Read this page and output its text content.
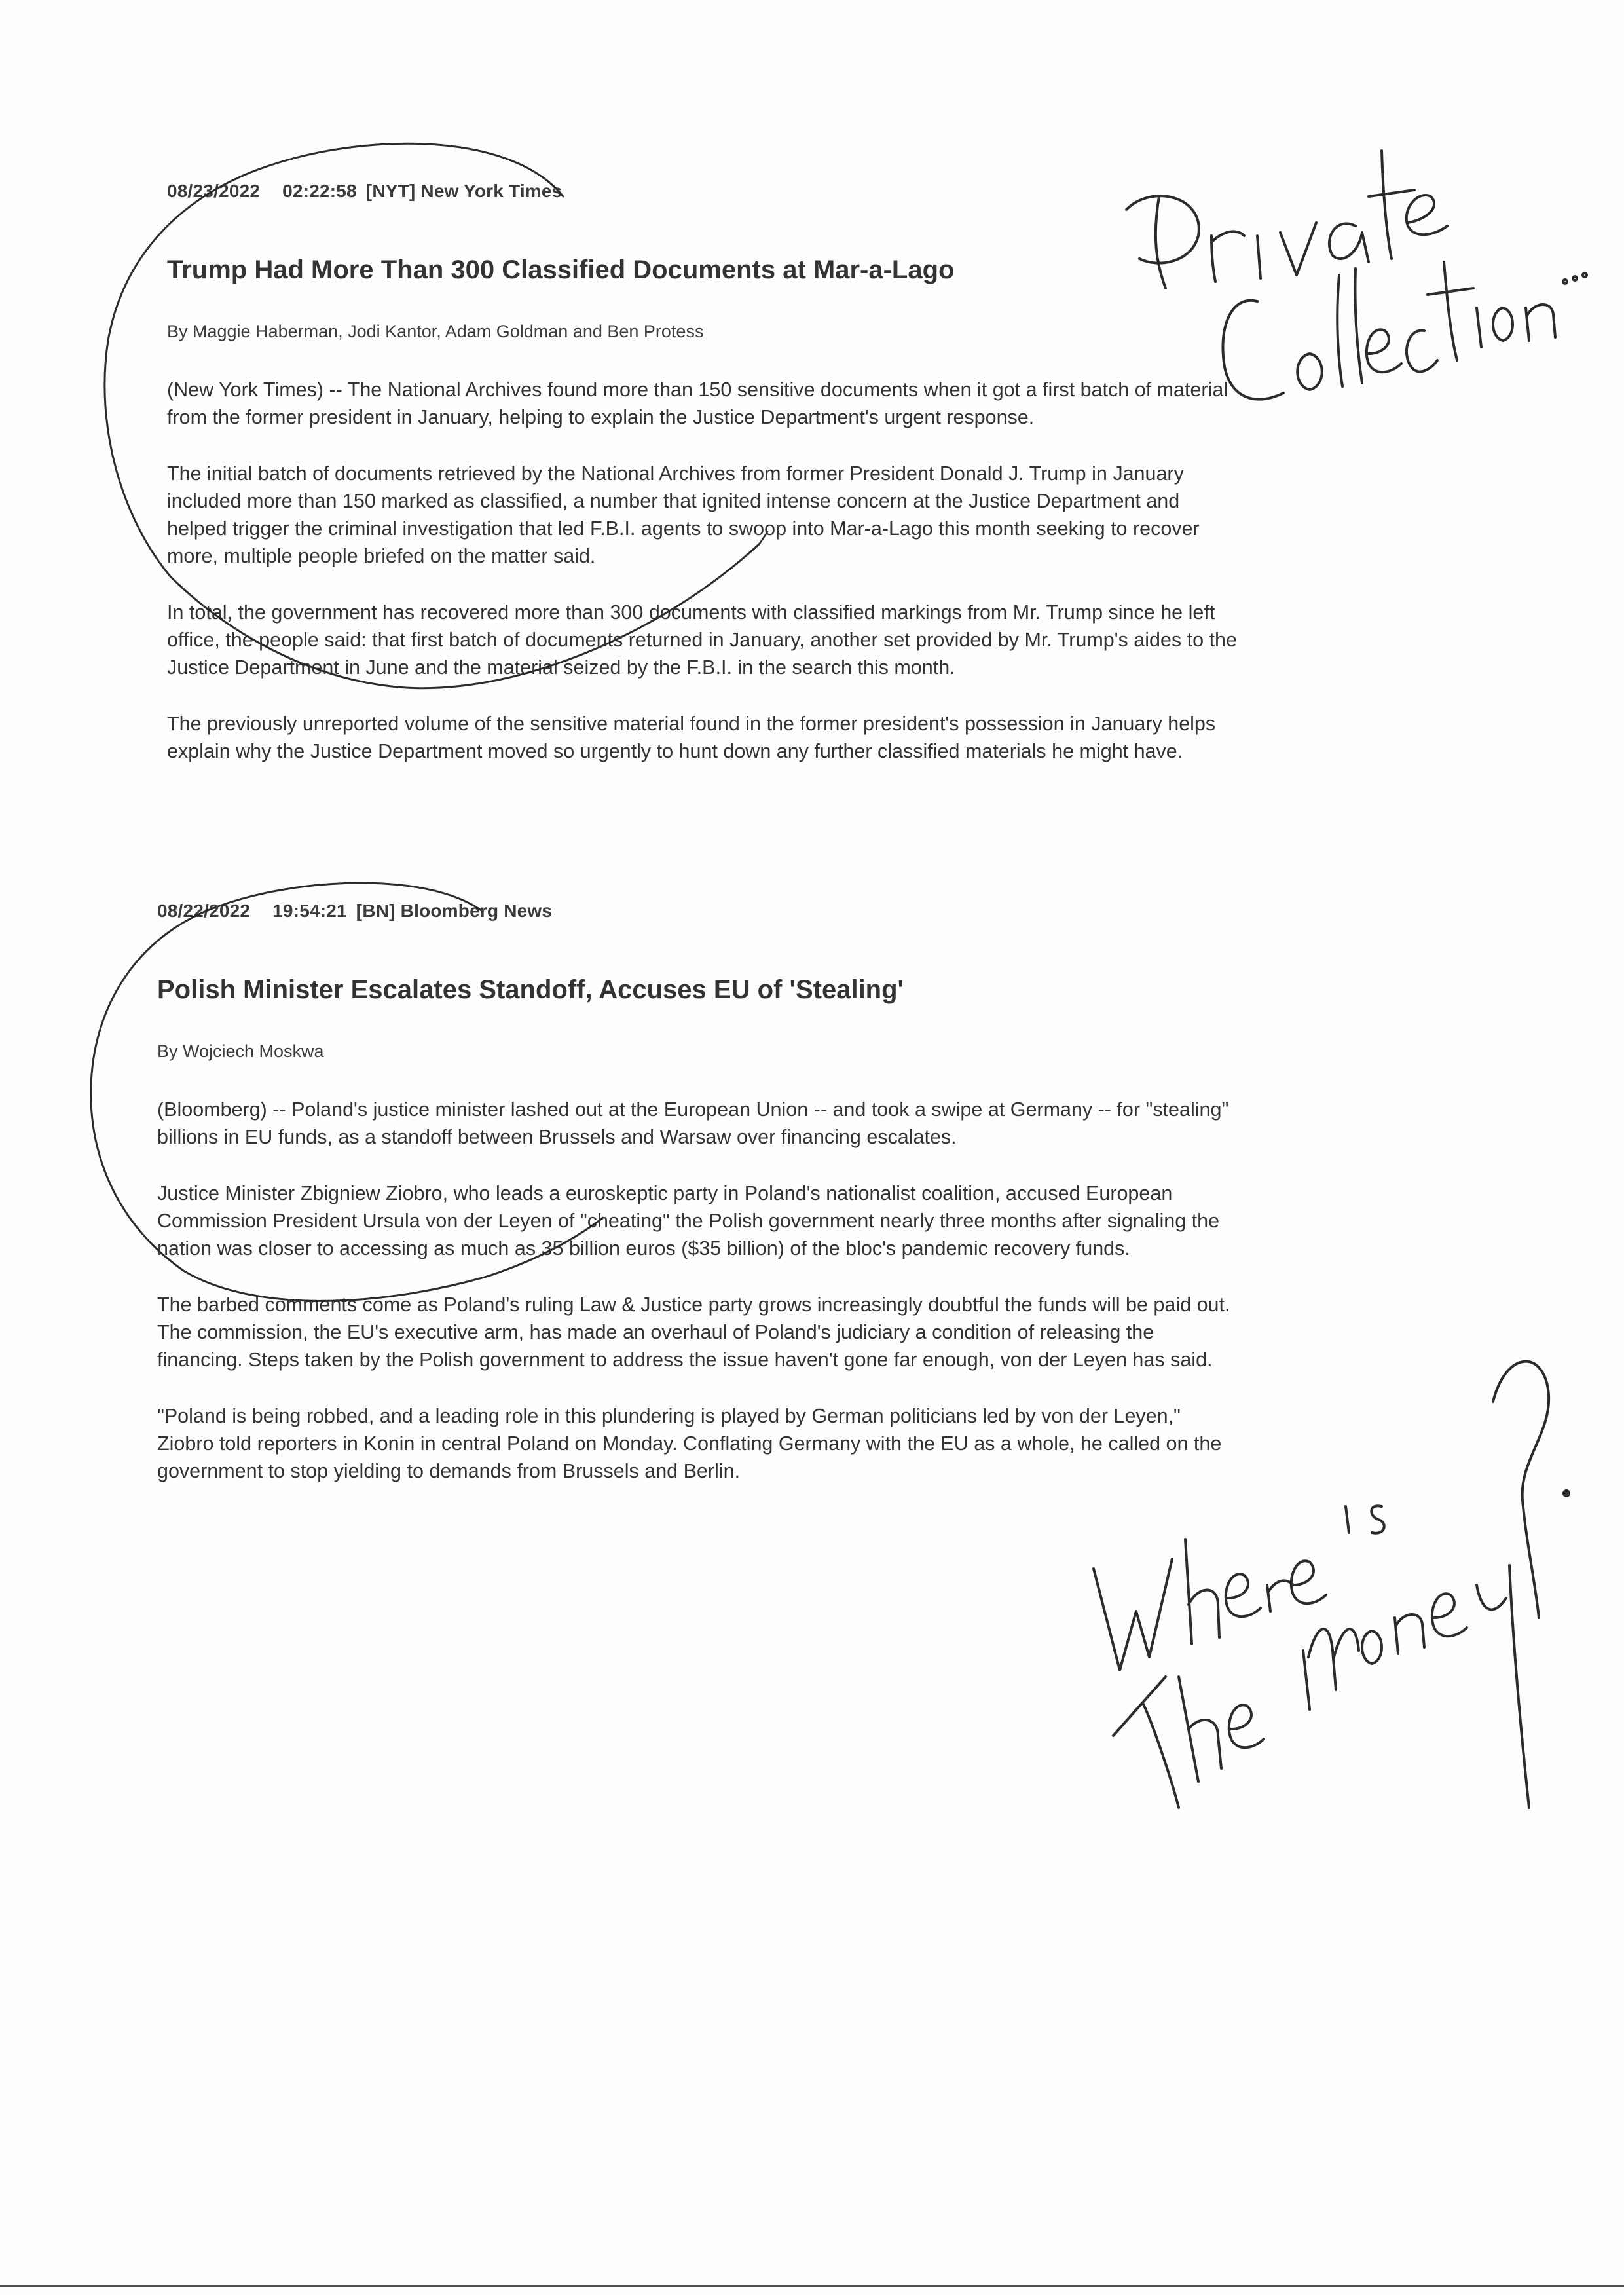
08/23/2022 02:22:58 [NYT] New York Times
Trump Had More Than 300 Classified Documents at Mar-a-Lago
By Maggie Haberman, Jodi Kantor, Adam Goldman and Ben Protess

(New York Times) -- The National Archives found more than 150 sensitive documents when it got a first batch of material from the former president in January, helping to explain the Justice Department's urgent response.

The initial batch of documents retrieved by the National Archives from former President Donald J. Trump in January included more than 150 marked as classified, a number that ignited intense concern at the Justice Department and helped trigger the criminal investigation that led F.B.I. agents to swoop into Mar-a-Lago this month seeking to recover more, multiple people briefed on the matter said.

In total, the government has recovered more than 300 documents with classified markings from Mr. Trump since he left office, the people said: that first batch of documents returned in January, another set provided by Mr. Trump's aides to the Justice Department in June and the material seized by the F.B.I. in the search this month.

The previously unreported volume of the sensitive material found in the former president's possession in January helps explain why the Justice Department moved so urgently to hunt down any further classified materials he might have.

08/22/2022 19:54:21 [BN] Bloomberg News
Polish Minister Escalates Standoff, Accuses EU of 'Stealing'
By Wojciech Moskwa

(Bloomberg) -- Poland's justice minister lashed out at the European Union -- and took a swipe at Germany -- for "stealing" billions in EU funds, as a standoff between Brussels and Warsaw over financing escalates.

Justice Minister Zbigniew Ziobro, who leads a euroskeptic party in Poland's nationalist coalition, accused European Commission President Ursula von der Leyen of "cheating" the Polish government nearly three months after signaling the nation was closer to accessing as much as 35 billion euros ($35 billion) of the bloc's pandemic recovery funds.

The barbed comments come as Poland's ruling Law & Justice party grows increasingly doubtful the funds will be paid out. The commission, the EU's executive arm, has made an overhaul of Poland's judiciary a condition of releasing the financing. Steps taken by the Polish government to address the issue haven't gone far enough, von der Leyen has said.

"Poland is being robbed, and a leading role in this plundering is played by German politicians led by von der Leyen," Ziobro told reporters in Konin in central Poland on Monday. Conflating Germany with the EU as a whole, he called on the government to stop yielding to demands from Brussels and Berlin.
